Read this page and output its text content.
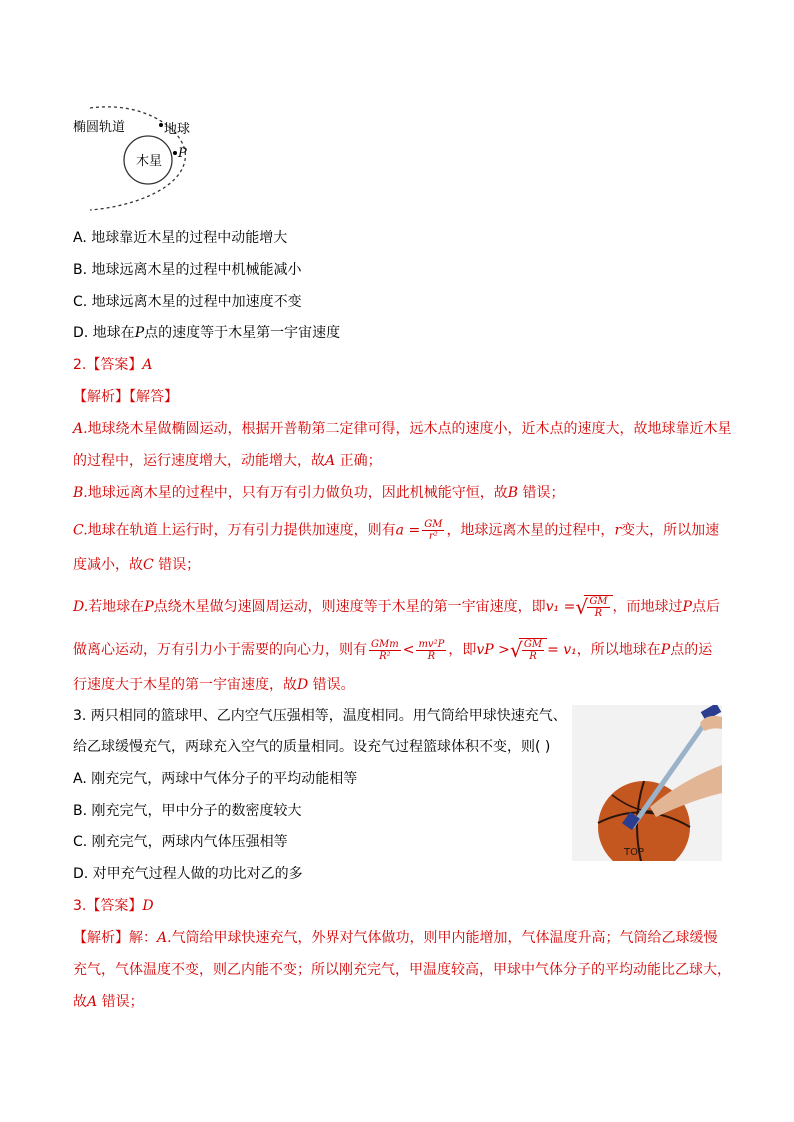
椭圆轨道	地球
木星
P
A. 地球靠近木星的过程中动能增大
B. 地球远离木星的过程中机械能减小
C. 地球远离木星的过程中加速度不变
D. 地球在P点的速度等于木星第一宇宙速度
2.【答案】A
【解析】【解答】
A.地球绕木星做椭圆运动，根据开普勒第二定律可得，远木点的速度小，近木点的速度大，故地球靠近木星
的过程中，运行速度增大，动能增大，故A 正确；
B.地球远离木星的过程中，只有万有引力做负功，因此机械能守恒，故B 错误；
C.地球在轨道上运行时，万有引力提供加速度，则有$a = \frac{GM}{\text{r²}}$ ，地球远离木星的过程中，r变大，所以加速
度减小，故C 错误；
D.若地球在P点绕木星做匀速圆周运动，则速度等于木星的第一宇宙速度，即v₁ = √ $\frac{GM}{R}$ ，而地球过P点后
做离心运动，万有引力小于需要的向心力，则有 $\frac{\text{GMm}}{\text{R²}} < \frac{\text{mv²P}}{R}$ ，即vP > √ $\frac{GM}{R} = v_1$，所以地球在P点的运
行速度大于木星的第一宇宙速度，故D 错误。
3. 两只相同的篮球甲、乙内空气压强相等，温度相同。用气筒给甲球快速充气、
给乙球缓慢充气，两球充入空气的质量相同。设充气过程篮球体积不变，则( )
A. 刚充完气，两球中气体分子的平均动能相等
B. 刚充完气，甲中分子的数密度较大
C. 刚充完气，两球内气体压强相等
D. 对甲充气过程人做的功比对乙的多
TOP
3.【答案】D
【解析】解：A.气筒给甲球快速充气，外界对气体做功，则甲内能增加，气体温度升高；气筒给乙球缓慢
充气，气体温度不变，则乙内能不变；所以刚充完气，甲温度较高，甲球中气体分子的平均动能比乙球大，
故A 错误；
